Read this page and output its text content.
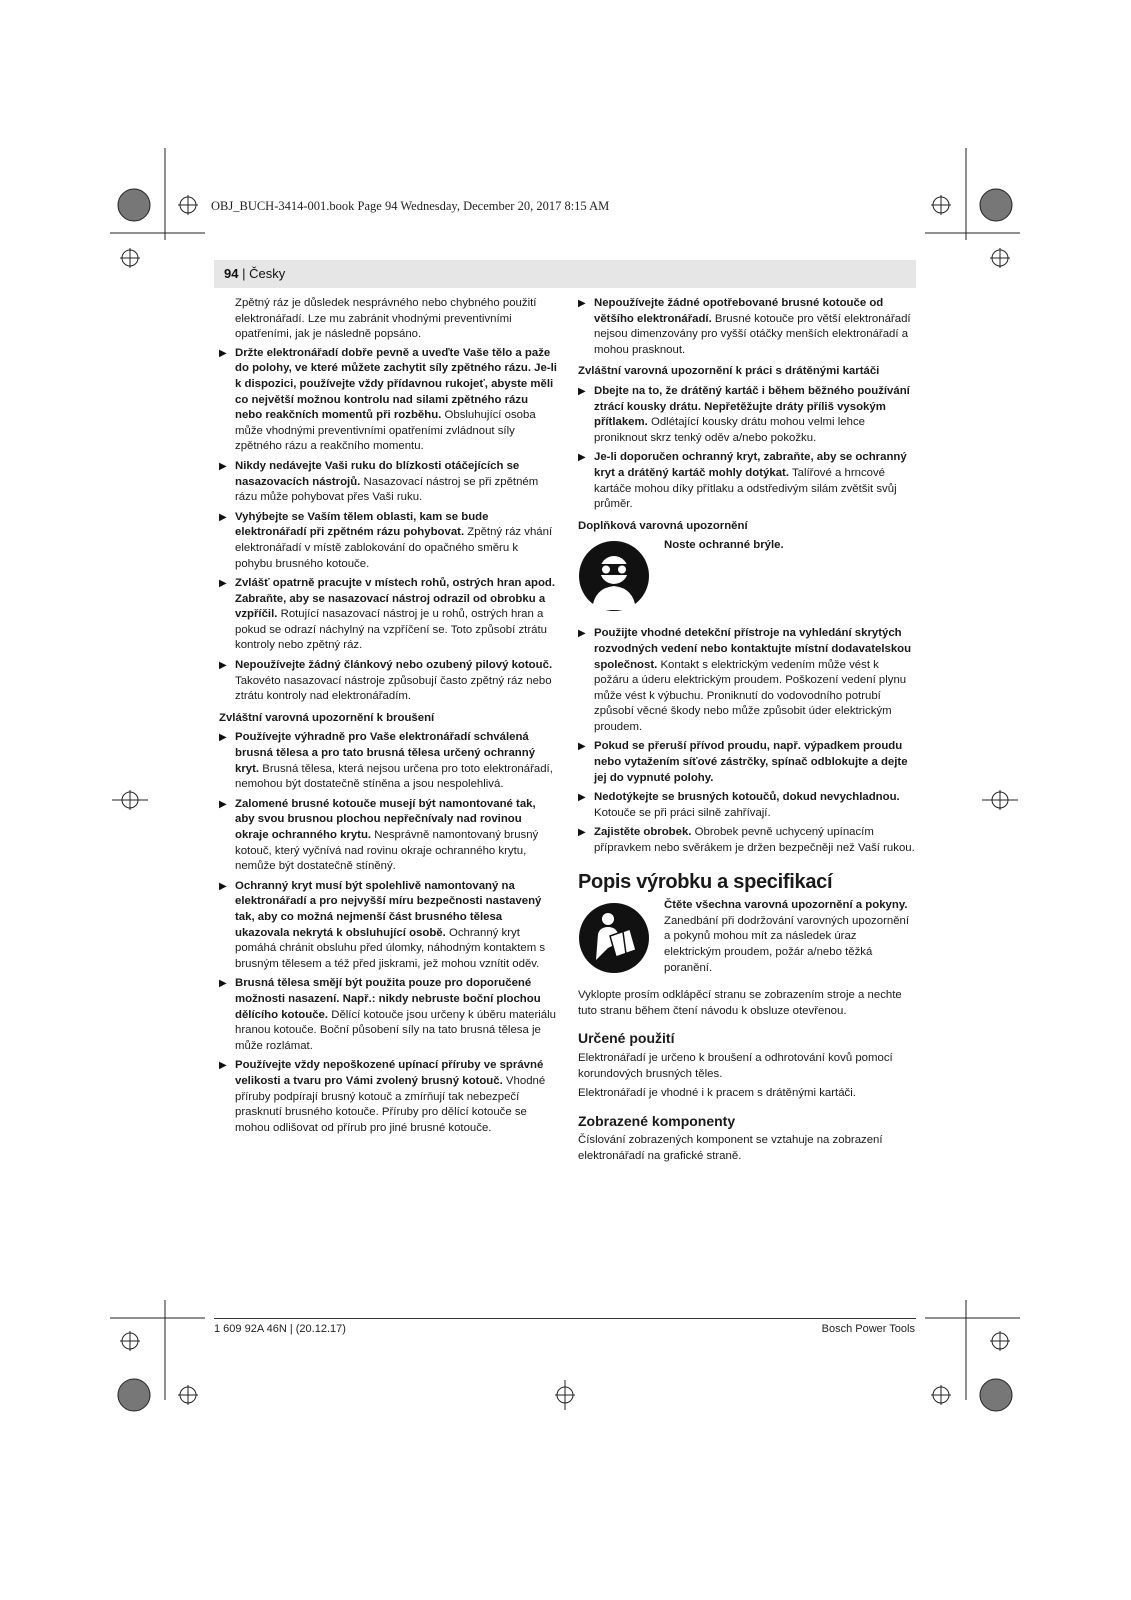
OBJ_BUCH-3414-001.book Page 94 Wednesday, December 20, 2017 8:15 AM
94 | Česky

Zpětný ráz je důsledek nesprávného nebo chybného použití elektronářadí. Lze mu zabránit vhodnými preventivními opatřeními, jak je následně popsáno.

▶ Držte elektronářadí dobře pevně a uveďte Vaše tělo a paže do polohy, ve které můžete zachytit síly zpětného rázu. Je-li k dispozici, používejte vždy přídavnou rukojeť, abyste měli co největší možnou kontrolu nad silami zpětného rázu nebo reakčních momentů při rozběhu. Obsluhující osoba může vhodnými preventivními opatřeními zvládnout síly zpětného rázu a reakčního momentu.
▶ Nikdy nedávejte Vaši ruku do blízkosti otáčejících se nasazovacích nástrojů. Nasazovací nástroj se při zpětném rázu může pohybovat přes Vaši ruku.
▶ Vyhýbejte se Vaším tělem oblasti, kam se bude elektronářadí při zpětném rázu pohybovat. Zpětný ráz vhání elektronářadí v místě zablokování do opačného směru k pohybu brusného kotouče.
▶ Zvlášť opatrně pracujte v místech rohů, ostrých hran apod. Zabraňte, aby se nasazovací nástroj odrazil od obrobku a vzpříčil. Rotující nasazovací nástroj je u rohů, ostrých hran a pokud se odrazí náchylný na vzpříčení se. Toto způsobí ztrátu kontroly nebo zpětný ráz.
▶ Nepoužívejte žádný článkový nebo ozubený pilový kotouč. Takovéto nasazovací nástroje způsobují často zpětný ráz nebo ztrátu kontroly nad elektronářadím.
Zvláštní varovná upozornění k broušení
▶ Používejte výhradně pro Vaše elektronářadí schválená brusná tělesa a pro tato brusná tělesa určený ochranný kryt. Brusná tělesa, která nejsou určena pro toto elektronářadí, nemohou být dostatečně stíněna a jsou nespolehlivá.
▶ Zalomené brusné kotouče musejí být namontované tak, aby svou brusnou plochou nepřečnívaly nad rovinou okraje ochranného krytu. Nesprávně namontovaný brusný kotouč, který vyčnívá nad rovinu okraje ochranného krytu, nemůže být dostatečně stíněný.
▶ Ochranný kryt musí být spolehlivě namontovaný na elektronářadí a pro nejvyšší míru bezpečnosti nastavený tak, aby co možná nejmenší část brusného tělesa ukazovala nekrytá k obsluhující osobě. Ochranný kryt pomáhá chránit obsluhu před úlomky, náhodným kontaktem s brusným tělesem a též před jiskrami, jež mohou vznítit oděv.
▶ Brusná tělesa smějí být použita pouze pro doporučené možnosti nasazení. Např.: nikdy nebruste boční plochou dělícího kotouče. Dělící kotouče jsou určeny k úběru materiálu hranou kotouče. Boční působení síly na tato brusná tělesa je může rozlámat.
▶ Používejte vždy nepoškozené upínací příruby ve správné velikosti a tvaru pro Vámi zvolený brusný kotouč. Vhodné příruby podpírají brusný kotouč a zmírňují tak nebezpečí prasknutí brusného kotouče. Příruby pro dělící kotouče se mohou odlišovat od přírub pro jiné brusné kotouče.
▶ Nepoužívejte žádné opotřebované brusné kotouče od většího elektronářadí. Brusné kotouče pro větší elektronářadí nejsou dimenzovány pro vyšší otáčky menších elektronářadí a mohou prasknout.
Zvláštní varovná upozornění k práci s drátěnými kartáči
▶ Dbejte na to, že drátěný kartáč i během běžného používání ztrácí kousky drátu. Nepřetěžujte dráty příliš vysokým přítlakem. Odlétající kousky drátu mohou velmi lehce proniknout skrz tenký oděv a/nebo pokožku.
▶ Je-li doporučen ochranný kryt, zabraňte, aby se ochranný kryt a drátěný kartáč mohly dotýkat. Talířové a hrncové kartáče mohou díky přítlaku a odstředivým silám zvětšit svůj průměr.
Doplňková varovná upozornění
Noste ochranné brýle.
▶ Použijte vhodné detekční přístroje na vyhledání skrytých rozvodných vedení nebo kontaktujte místní dodavatelskou společnost. Kontakt s elektrickým vedením může vést k požáru a úderu elektrickým proudem. Poškození vedení plynu může vést k výbuchu. Proniknutí do vodovodního potrubí způsobí věcné škody nebo může způsobit úder elektrickým proudem.
▶ Pokud se přeruší přívod proudu, např. výpadkem proudu nebo vytažením síťové zástrčky, spínač odblokujte a dejte jej do vypnuté polohy.
▶ Nedotýkejte se brusných kotoučů, dokud nevychladnou. Kotouče se při práci silně zahřívají.
▶ Zajistěte obrobek. Obrobek pevně uchycený upínacím přípravkem nebo svěrákem je držen bezpečněji než Vaší rukou.
Popis výrobku a specifikací
Čtěte všechna varovná upozornění a pokyny. Zanedbání při dodržování varovných upozornění a pokynů mohou mít za následek úraz elektrickým proudem, požár a/nebo těžká poranění.

Vyklopte prosím odklápěcí stranu se zobrazením stroje a nechte tuto stranu během čtení návodu k obsluze otevřenou.

Určené použití

Elektronářadí je určeno k broušení a odhrotování kovů pomocí korundových brusných těles.

Elektronářadí je vhodné i k pracem s drátěnými kartáči.

Zobrazené komponenty

Číslování zobrazených komponent se vztahuje na zobrazení elektronářadí na grafické straně.

1 609 92A 46N | (20.12.17)	Bosch Power Tools
